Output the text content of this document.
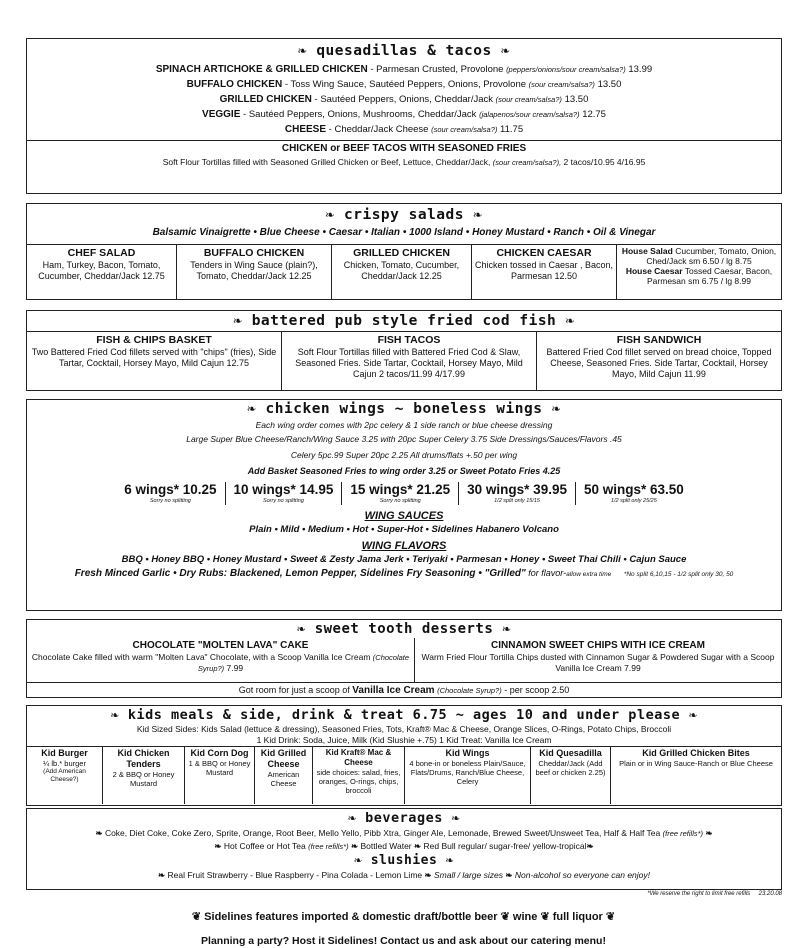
❧ quesadillas & tacos ❧
SPINACH ARTICHOKE & GRILLED CHICKEN - Parmesan Crusted, Provolone (peppers/onions/sour cream/salsa?) 13.99
BUFFALO CHICKEN - Toss Wing Sauce, Sautéed Peppers, Onions, Provolone (sour cream/salsa?) 13.50
GRILLED CHICKEN - Sautéed Peppers, Onions, Cheddar/Jack (sour cream/salsa?) 13.50
VEGGIE - Sautéed Peppers, Onions, Mushrooms, Cheddar/Jack (jalapenos/sour cream/salsa?) 12.75
CHEESE - Cheddar/Jack Cheese (sour cream/salsa?) 11.75
CHICKEN or BEEF TACOS WITH SEASONED FRIES
Soft Flour Tortillas filled with Seasoned Grilled Chicken or Beef, Lettuce, Cheddar/Jack, (sour cream/salsa?), 2 tacos/10.95 4/16.95
❧ crispy salads ❧
Balsamic Vinaigrette • Blue Cheese • Caesar • Italian • 1000 Island • Honey Mustard • Ranch • Oil & Vinegar
CHEF SALAD
Ham, Turkey, Bacon, Tomato, Cucumber, Cheddar/Jack 12.75
BUFFALO CHICKEN
Tenders in Wing Sauce (plain?), Tomato, Cheddar/Jack 12.25
GRILLED CHICKEN
Chicken, Tomato, Cucumber, Cheddar/Jack 12.25
CHICKEN CAESAR
Chicken tossed in Caesar , Bacon, Parmesan 12.50
House Salad Cucumber, Tomato, Onion, Ched/Jack sm 6.50 / lg 8.75
House Caesar Tossed Caesar, Bacon, Parmesan sm 6.75 / lg 8.99
❧ battered pub style fried cod fish ❧
FISH & CHIPS BASKET
Two Battered Fried Cod fillets served with "chips" (fries), Side Tartar, Cocktail, Horsey Mayo, Mild Cajun 12.75
FISH TACOS
Soft Flour Tortillas filled with Battered Fried Cod & Slaw, Seasoned Fries. Side Tartar, Cocktail, Horsey Mayo, Mild Cajun 2 tacos/11.99 4/17.99
FISH SANDWICH
Battered Fried Cod fillet served on bread choice, Topped Cheese, Seasoned Fries. Side Tartar, Cocktail, Horsey Mayo, Mild Cajun 11.99
❧ chicken wings ~ boneless wings ❧
Each wing order comes with 2pc celery & 1 side ranch or blue cheese dressing
Large Super Blue Cheese/Ranch/Wing Sauce 3.25 with 20pc Super Celery 3.75 Side Dressings/Sauces/Flavors .45
Celery 5pc.99 Super 20pc 2.25 All drums/flats +.50 per wing
Add Basket Seasoned Fries to wing order 3.25 or Sweet Potato Fries 4.25
6 wings* 10.25
Sorry no splitting
10 wings* 14.95
Sorry no splitting
15 wings* 21.25
Sorry no splitting
30 wings* 39.95
1/2 split only 15/15
50 wings* 63.50
1/2 split only 25/25
WING SAUCES
Plain • Mild • Medium • Hot • Super-Hot • Sidelines Habanero Volcano
WING FLAVORS
BBQ • Honey BBQ • Honey Mustard • Sweet & Zesty Jama Jerk • Teriyaki • Parmesan • Honey • Sweet Thai Chili • Cajun Sauce
Fresh Minced Garlic • Dry Rubs: Blackened, Lemon Pepper, Sidelines Fry Seasoning • "Grilled" for flavor-allow extra time *No split 6,10,15 - 1/2 split only 30, 50
❧ sweet tooth desserts ❧
CHOCOLATE "MOLTEN LAVA" CAKE
Chocolate Cake filled with warm "Molten Lava" Chocolate, with a Scoop Vanilla Ice Cream (Chocolate Syrup?) 7.99
CINNAMON SWEET CHIPS WITH ICE CREAM
Warm Fried Flour Tortilla Chips dusted with Cinnamon Sugar & Powdered Sugar with a Scoop Vanilla Ice Cream 7.99
Got room for just a scoop of Vanilla Ice Cream (Chocolate Syrup?) - per scoop 2.50
❧ kids meals & side, drink & treat 6.75 ~ ages 10 and under please ❧
Kid Sized Sides: Kids Salad (lettuce & dressing), Seasoned Fries, Tots, Kraft® Mac & Cheese, Orange Slices, O-Rings, Potato Chips, Broccoli
1 Kid Drink: Soda, Juice, Milk (Kid Slushie +.75) 1 Kid Treat: Vanilla Ice Cream
Kid Burger
¼ lb.* burger
(Add American Cheese?)
Kid Chicken Tenders
2 & BBQ or Honey Mustard
Kid Corn Dog
1 & BBQ or Honey Mustard
Kid Grilled Cheese
American Cheese
Kid Kraft® Mac & Cheese
side choices: salad, fries, oranges, O-rings, chips, broccoli
Kid Wings
4 bone-in or boneless Plain/Sauce, Flats/Drums, Ranch/Blue Cheese, Celery
Kid Quesadilla
Cheddar/Jack (Add beef or chicken 2.25)
Kid Grilled Chicken Bites
Plain or in Wing Sauce-Ranch or Blue Cheese
❧ beverages ❧
❧ Coke, Diet Coke, Coke Zero, Sprite, Orange, Root Beer, Mello Yello, Pibb Xtra, Ginger Ale, Lemonade, Brewed Sweet/Unsweet Tea, Half & Half Tea (free refills*) ❧
❧ Hot Coffee or Hot Tea (free refills*) ❧ Bottled Water ❧ Red Bull regular/ sugar-free/ yellow-tropical❧
❧ slushies ❧
❧ Real Fruit Strawberry - Blue Raspberry - Pina Colada - Lemon Lime ❧ Small / large sizes ❧ Non-alcohol so everyone can enjoy!
*We reserve the right to limit free refills 23.20.08
❦ Sidelines features imported & domestic draft/bottle beer ❦ wine ❦ full liquor ❦
Planning a party? Host it Sidelines! Contact us and ask about our catering menu!
